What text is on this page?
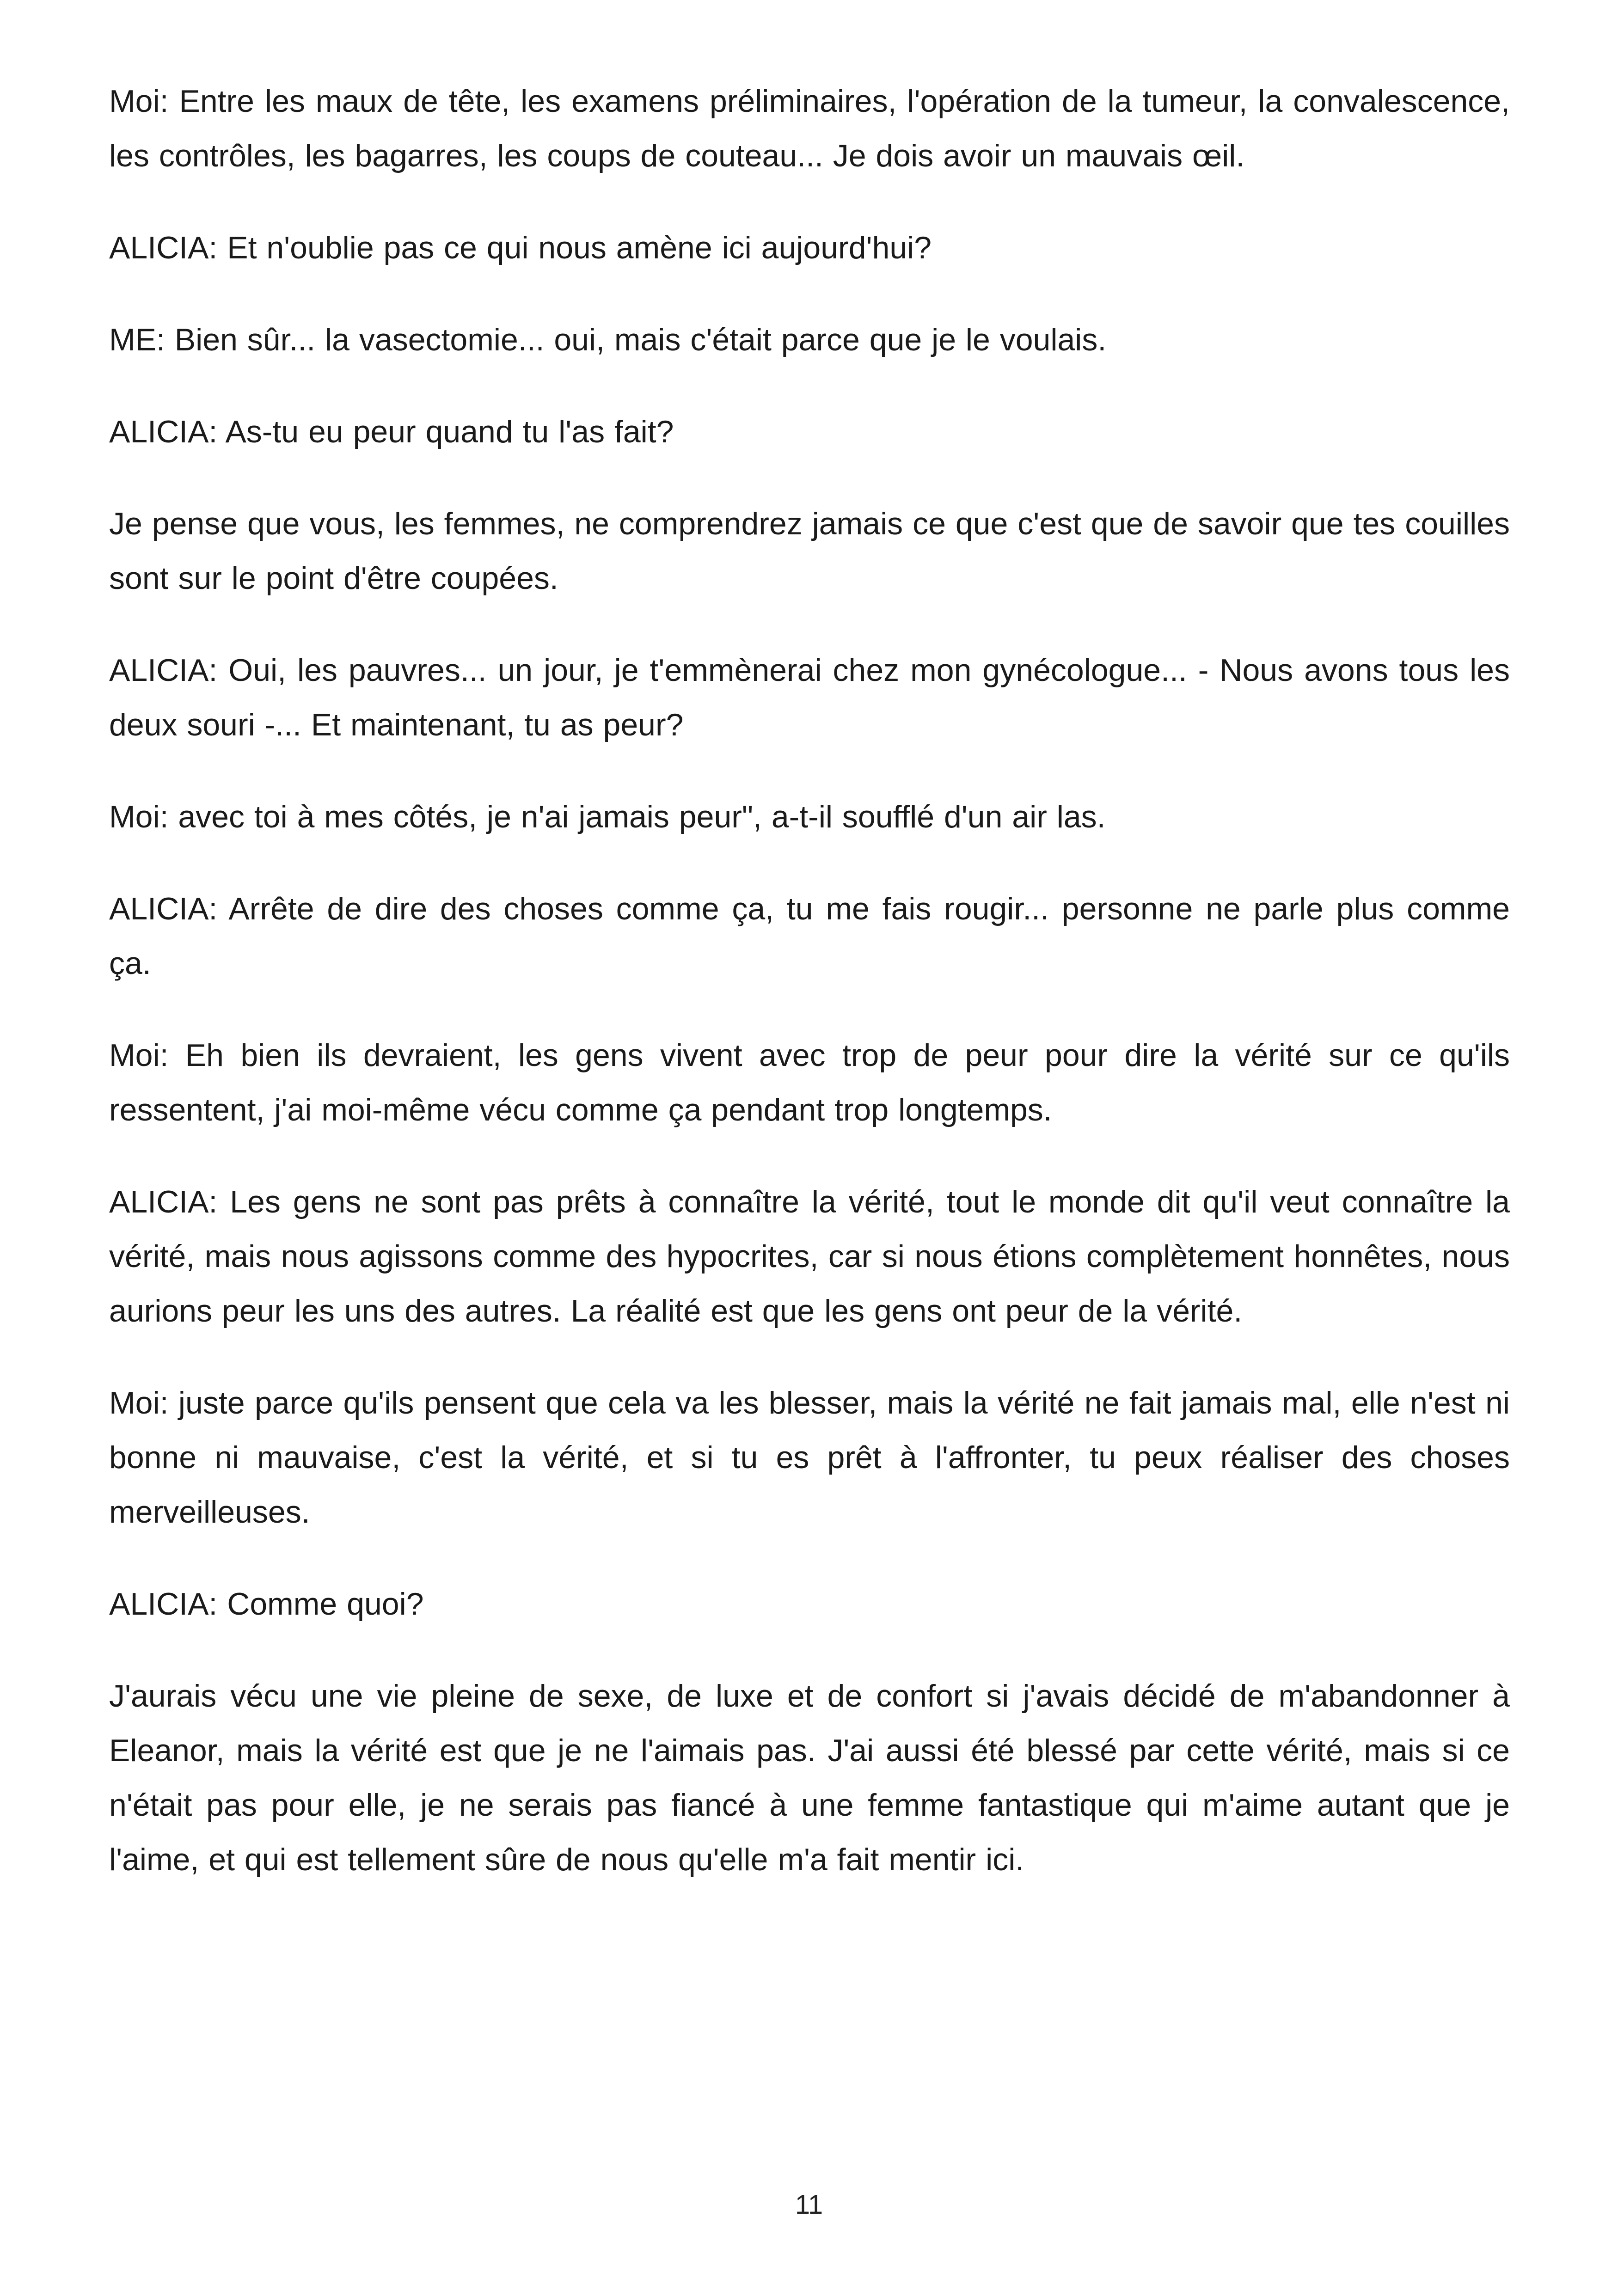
Moi: Entre les maux de tête, les examens préliminaires, l'opération de la tumeur, la convalescence, les contrôles, les bagarres, les coups de couteau... Je dois avoir un mauvais œil.

ALICIA: Et n'oublie pas ce qui nous amène ici aujourd'hui?

ME: Bien sûr... la vasectomie... oui, mais c'était parce que je le voulais.

ALICIA: As-tu eu peur quand tu l'as fait?

Je pense que vous, les femmes, ne comprendrez jamais ce que c'est que de savoir que tes couilles sont sur le point d'être coupées.

ALICIA: Oui, les pauvres... un jour, je t'emmènerai chez mon gynécologue... - Nous avons tous les deux souri -... Et maintenant, tu as peur?

Moi: avec toi à mes côtés, je n'ai jamais peur", a-t-il soufflé d'un air las.

ALICIA: Arrête de dire des choses comme ça, tu me fais rougir... personne ne parle plus comme ça.

Moi: Eh bien ils devraient, les gens vivent avec trop de peur pour dire la vérité sur ce qu'ils ressentent, j'ai moi-même vécu comme ça pendant trop longtemps.

ALICIA: Les gens ne sont pas prêts à connaître la vérité, tout le monde dit qu'il veut connaître la vérité, mais nous agissons comme des hypocrites, car si nous étions complètement honnêtes, nous aurions peur les uns des autres. La réalité est que les gens ont peur de la vérité.

Moi: juste parce qu'ils pensent que cela va les blesser, mais la vérité ne fait jamais mal, elle n'est ni bonne ni mauvaise, c'est la vérité, et si tu es prêt à l'affronter, tu peux réaliser des choses merveilleuses.

ALICIA: Comme quoi?

J'aurais vécu une vie pleine de sexe, de luxe et de confort si j'avais décidé de m'abandonner à Eleanor, mais la vérité est que je ne l'aimais pas. J'ai aussi été blessé par cette vérité, mais si ce n'était pas pour elle, je ne serais pas fiancé à une femme fantastique qui m'aime autant que je l'aime, et qui est tellement sûre de nous qu'elle m'a fait mentir ici.

11
